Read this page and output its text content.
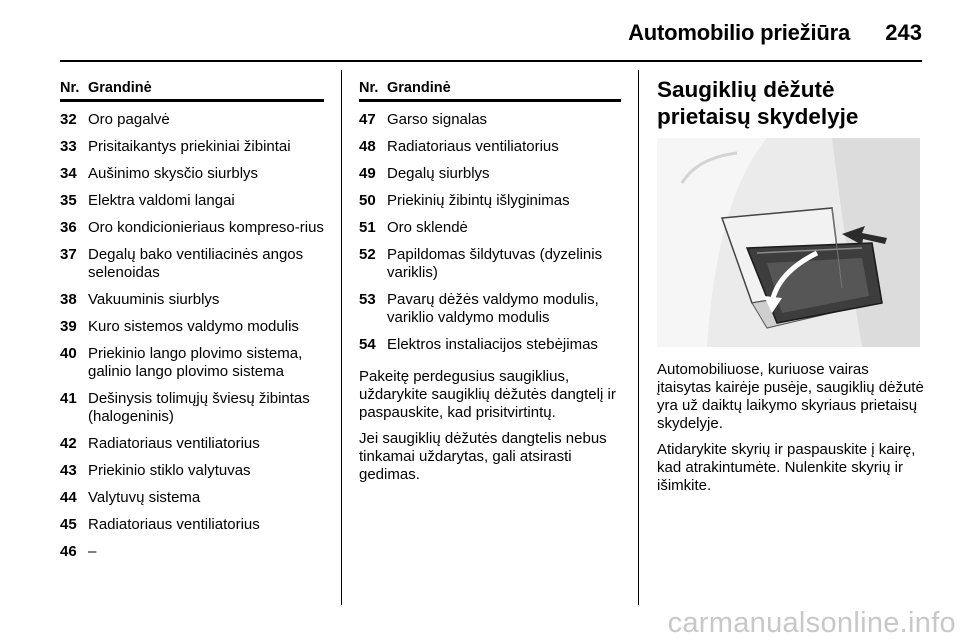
Automobilio priežiūra 243
Nr. Grandinė
32 Oro pagalvė
33 Prisitaikantys priekiniai žibintai
34 Aušinimo skysčio siurblys
35 Elektra valdomi langai
36 Oro kondicionieriaus kompreso-rius
37 Degalų bako ventiliacinės angos selenoidas
38 Vakuuminis siurblys
39 Kuro sistemos valdymo modulis
40 Priekinio lango plovimo sistema, galinio lango plovimo sistema
41 Dešinysis tolimųjų šviesų žibintas (halogeninis)
42 Radiatoriaus ventiliatorius
43 Priekinio stiklo valytuvas
44 Valytuvų sistema
45 Radiatoriaus ventiliatorius
46 –
Nr. Grandinė
47 Garso signalas
48 Radiatoriaus ventiliatorius
49 Degalų siurblys
50 Priekinių žibintų išlyginimas
51 Oro sklendė
52 Papildomas šildytuvas (dyzelinis variklis)
53 Pavarų dėžės valdymo modulis, variklio valdymo modulis
54 Elektros instaliacijos stebėjimas

Pakeitę perdegusius saugiklius, uždarykite saugiklių dėžutės dangtelį ir paspauskite, kad prisitvirtintų.

Jei saugiklių dėžutės dangtelis nebus tinkamai uždarytas, gali atsirasti gedimas.

Saugiklių dėžutė prietaisų skydelyje

Automobiliuose, kuriuose vairas įtaisytas kairėje pusėje, saugiklių dėžutė yra už daiktų laikymo skyriaus prietaisų skydelyje.

Atidarykite skyrių ir paspauskite į kairę, kad atrakintumėte. Nulenkite skyrių ir išimkite.

carmanualsonline.info
